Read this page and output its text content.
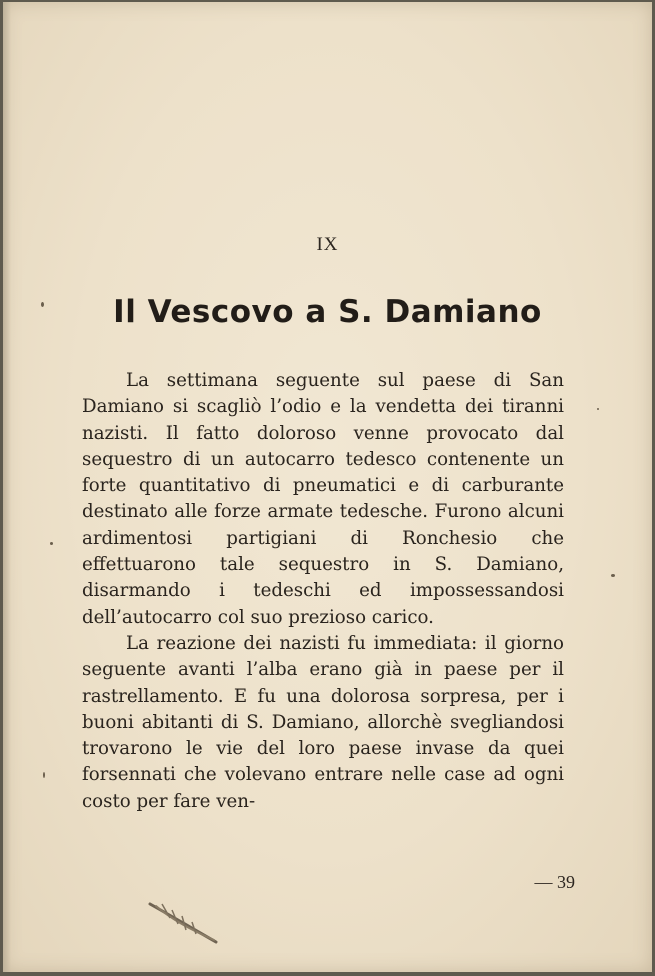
IX
Il Vescovo a S. Damiano

La settimana seguente sul paese di San Damiano si scagliò l’odio e la vendetta dei tiranni nazisti. Il fatto doloroso venne provocato dal sequestro di un autocarro tedesco contenente un forte quantitativo di pneumatici e di carburante destinato alle forze armate tedesche. Furono alcuni ardimentosi partigiani di Ronchesio che effettuarono tale sequestro in S. Damiano, disarmando i tedeschi ed impossessandosi dell’autocarro col suo prezioso carico.

La reazione dei nazisti fu immediata: il giorno seguente avanti l’alba erano già in paese per il rastrellamento. E fu una dolorosa sorpresa, per i buoni abitanti di S. Damiano, allorchè svegliandosi trovarono le vie del loro paese invase da quei forsennati che volevano entrare nelle case ad ogni costo per fare ven-

— 39
